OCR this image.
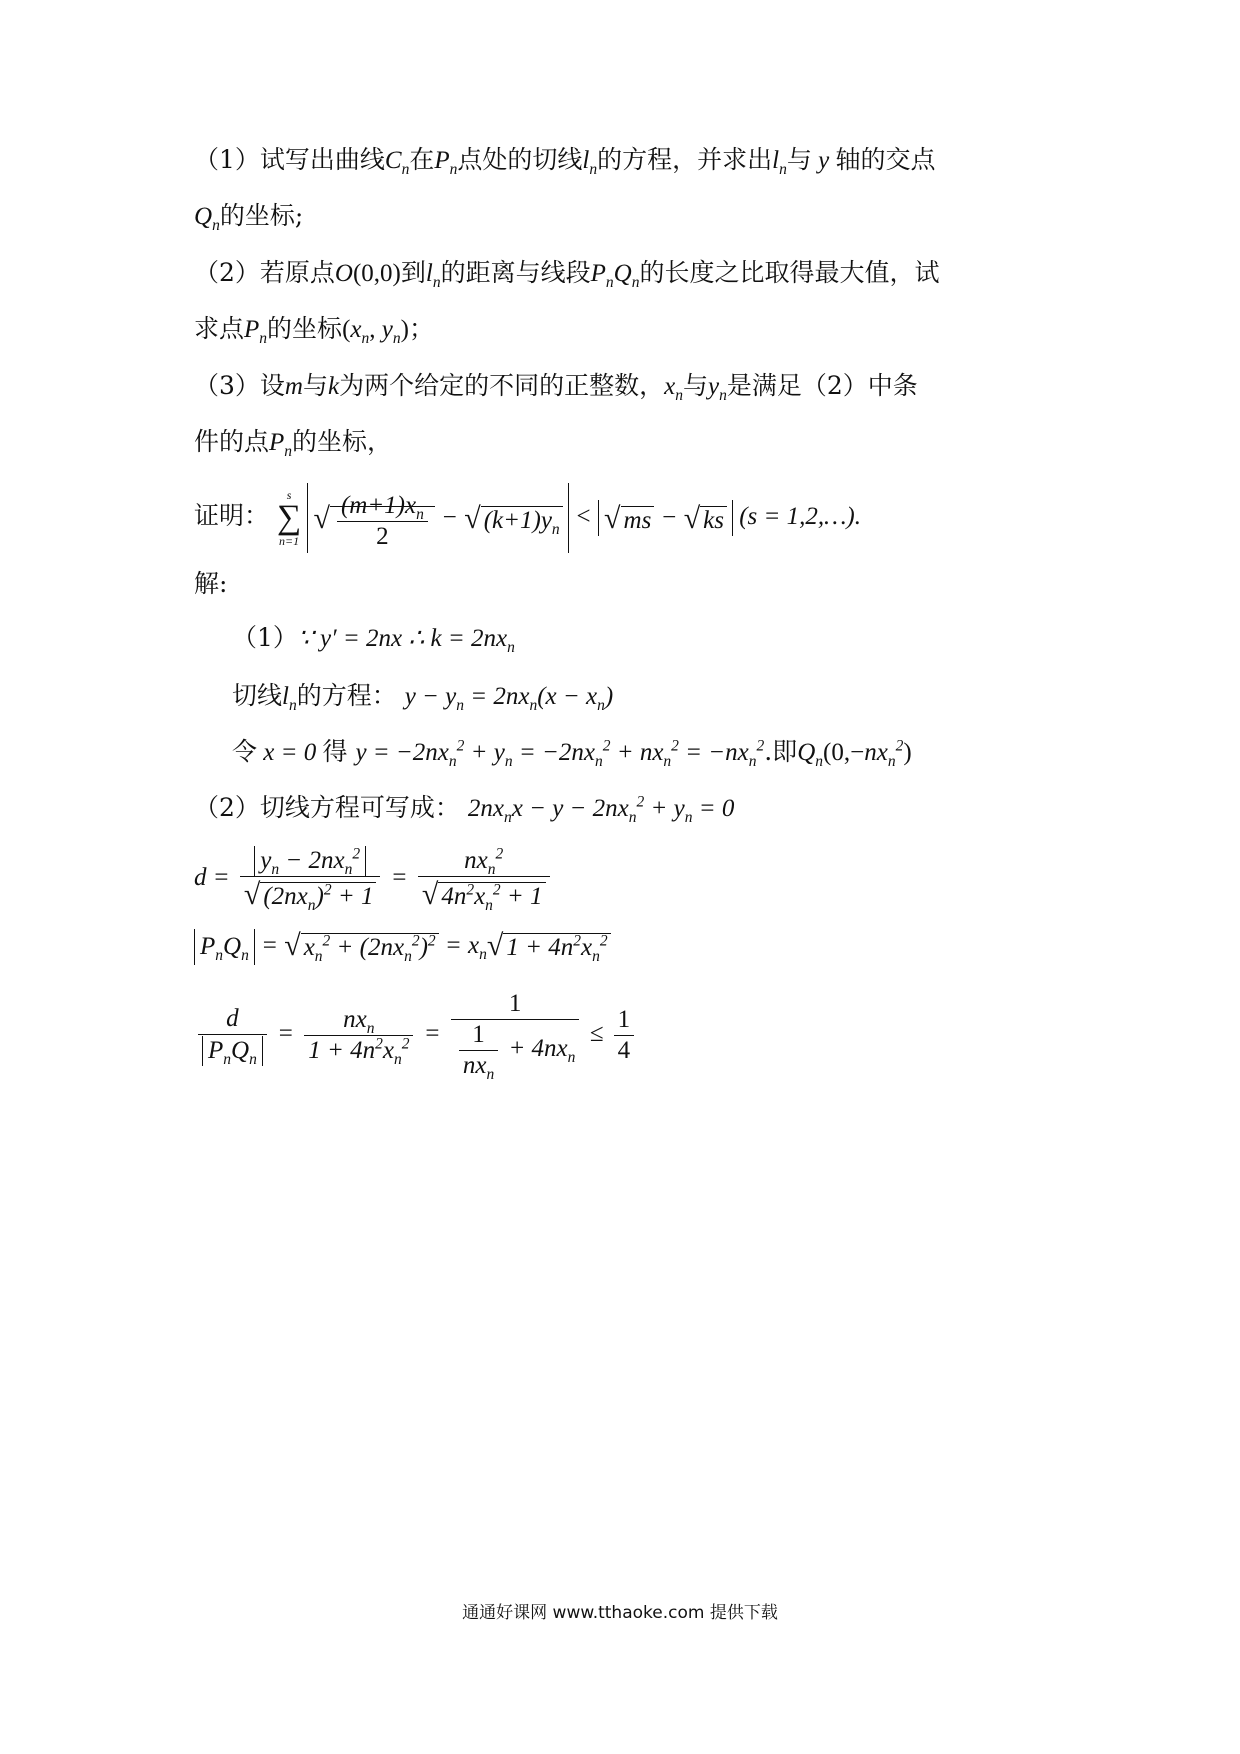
（1）试写出曲线$C_n$在$P_n$点处的切线$l_n$的方程，并求出$l_n$与 y 轴的交点
$Q_n$的坐标;
（2）若原点O(0,0)到$l_n$的距离与线段$P_nQ_n$的长度之比取得最大值，试
求点$P_n$的坐标($x_n$, $y_n$)；
（3）设m与k为两个给定的不同的正整数，$x_n$与$y_n$是满足（2）中条
件的点$P_n$的坐标，
证明：
s
∑
n=1
√ $\frac{(m+1)x_n}{2}$ − √ $(k+1)y_n$ < √ ms − √ ks (s = 1,2,…).
解:
（1）∵ y′ = 2nx ∴ $k = 2nx_n$
切线$l_n$的方程： $y - y_n = 2nx_n(x - x_n)$
令 x = 0 得 $y = -2nx_n^2 + y_n = -2nx_n^2 + nx_n^2 = -nx_n^2$.即$Q_n(0,-nx_n^2)$
（2）切线方程可写成： $2nx_nx - y - 2nx_n^2 + y_n = 0$
$d = \frac{y_n - 2nx_n^2}{√ (2nx_n)^2 + 1} = \frac{nx_n^2}{√ 4n^2x_n^2 + 1}$
$P_nQ_n$ = √ $x_n^2 + (2nx_n^2)^2 = x_n√$ $1 + 4n^2x_n^2$
$\frac{d}{P_nQ_n} = \frac{nx_n}{1 + 4n^2x_n^2} = \frac{1}{\frac{1}{nx_n} + 4nx_n} \le \frac{1}{4}$
通通好课网 www.tthaoke.com 提供下载
